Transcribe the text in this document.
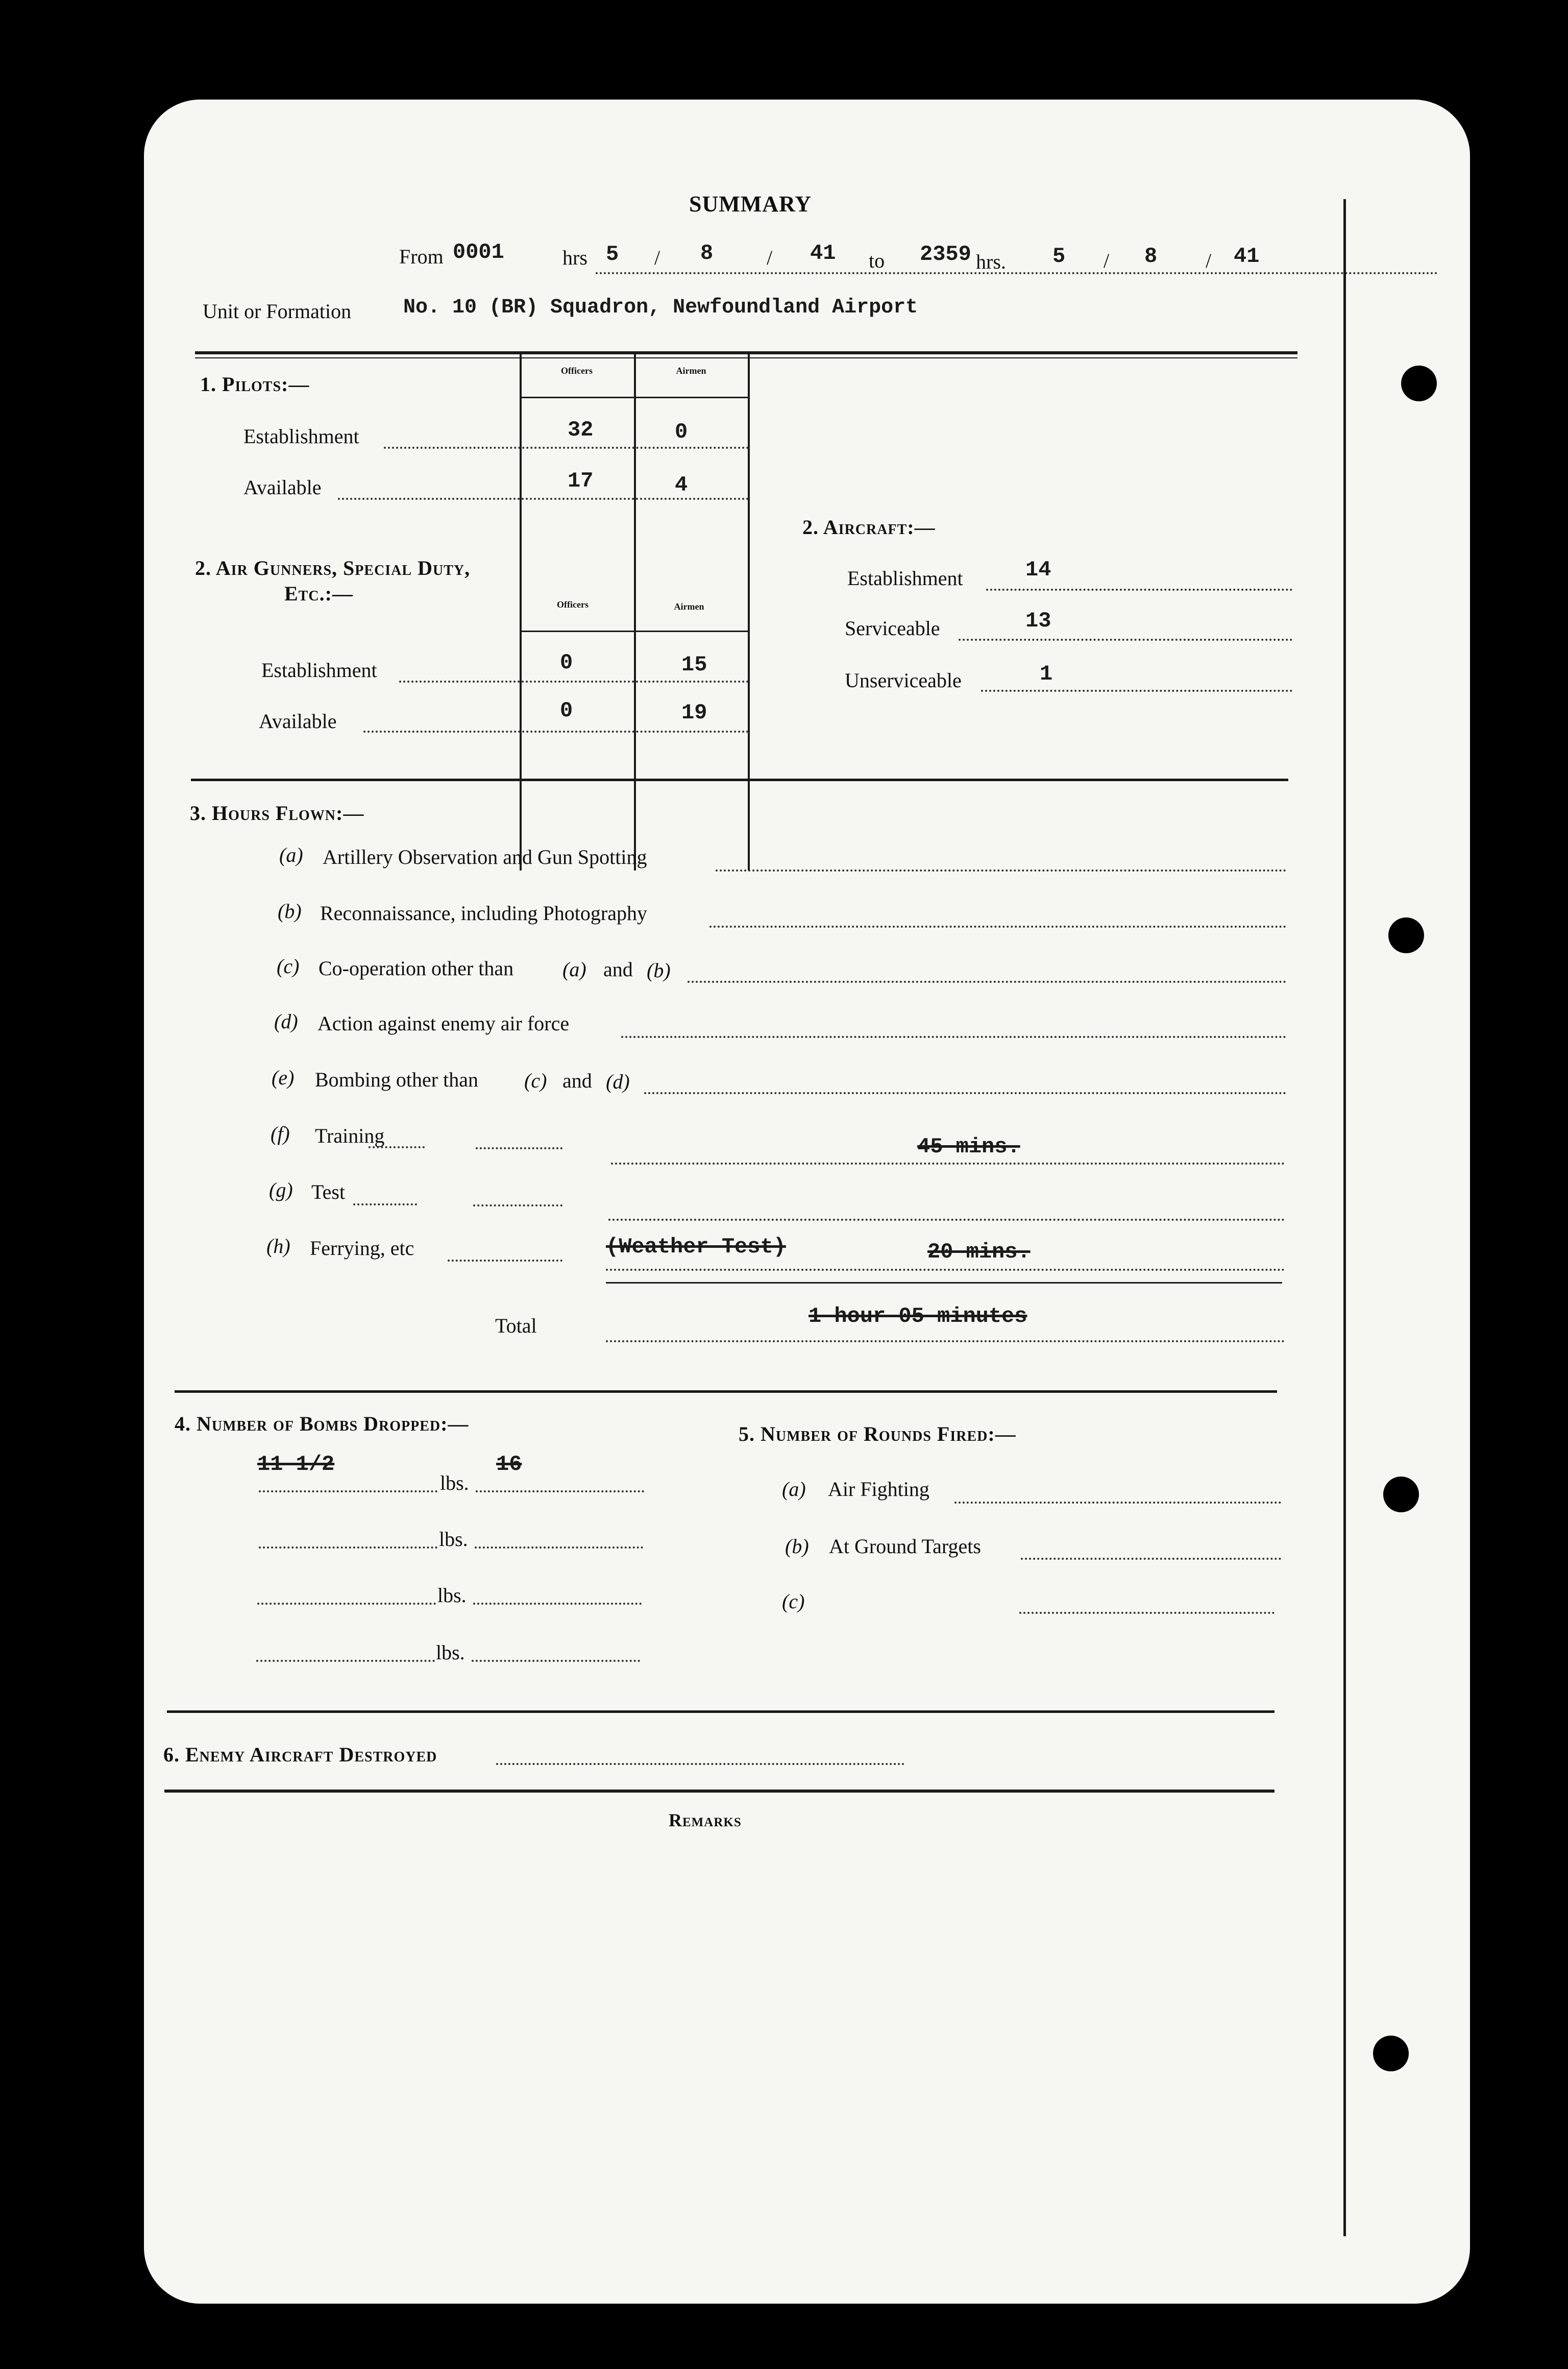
SUMMARY
From 0001	hrs 5 / 8	/ 41 to 2359 hrs. 5 / 8 / 41
Unit or Formation	No. 10 (BR) Squadron, Newfoundland Airport
1. Pilots:—
Officers	Airmen
Establishment	32	0
Available	17	4
2. Air Gunners, Special Duty,
Etc.:—	Officers	Airmen
Establishment	0	15
Available	0	19
2. Aircraft:—
Establishment	14
Serviceable	13
Unserviceable	1
3. Hours Flown:—
(a) Artillery Observation and Gun Spotting
(b) Reconnaissance, including Photography
(c) Co-operation other than (a) and (b)
(d) Action against enemy air force
(e) Bombing other than (c) and (d)
(f) Training	45 mins.
(g) Test
(h) Ferrying, etc	(Weather Test)	20 mins.
Total	1 hour 05 minutes
4. Number of Bombs Dropped:—
11 1/2	16
lbs.
lbs.
lbs.
lbs.
5. Number of Rounds Fired:—
(a) Air Fighting
(b) At Ground Targets
(c)
6. Enemy Aircraft Destroyed
Remarks
